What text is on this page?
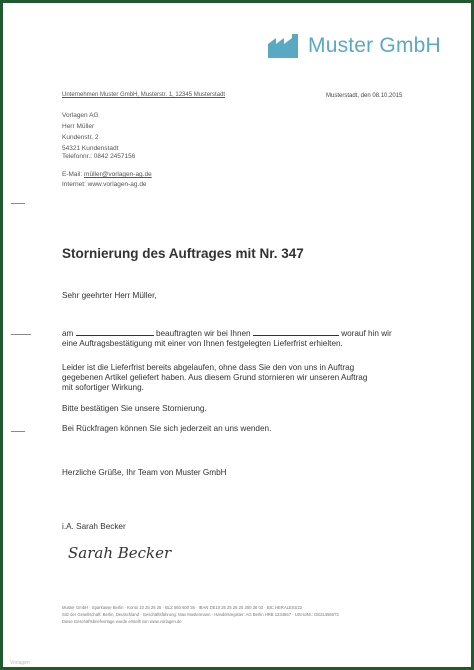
Muster GmbH
Unternehmen Muster GmbH, Musterstr. 1, 12345 Musterstadt	Musterstadt, den 08.10.2015
Vorlagen AG
Herr Müller
Kundenstr. 2
54321 Kundenstadt
Telefonnr.: 0842 2457156
E-Mail: müller@vorlagen-ag.de
Internet: www.vorlagen-ag.de
Stornierung des Auftrages mit Nr. 347
Sehr geehrter Herr Müller,
am	beauftragten wir bei Ihnen	worauf hin wir
eine Auftragsbestätigung mit einer von Ihnen festgelegten Lieferfrist erhielten.
Leider ist die Lieferfrist bereits abgelaufen, ohne dass Sie den von uns in Auftrag
gegebenen Artikel geliefert haben. Aus diesem Grund stornieren wir unseren Auftrag
mit sofortiger Wirkung.
Bitte bestätigen Sie unsere Stornierung.
Bei Rückfragen können Sie sich jederzeit an uns wenden.
Herzliche Grüße, Ihr Team von Muster GmbH
i.A. Sarah Becker
Sarah Becker
Muster GmbH · Sparkasse Berlin · Konto 10 25 26 25 · BLZ 560 600 36 · IBAN DE10 25 25 26 25 300 36 03 · BIC HERALESS22
Sitz der Gesellschaft: Berlin, Deutschland · Geschäftsführung: Max Mustermann · Handelsregister: AG Berlin HRB 1234567 · USt-IdNr.: DE21456673
Diese Geschäftsbriefvorlage wurde erstellt von www.vorlagen.de
Vorlagen
